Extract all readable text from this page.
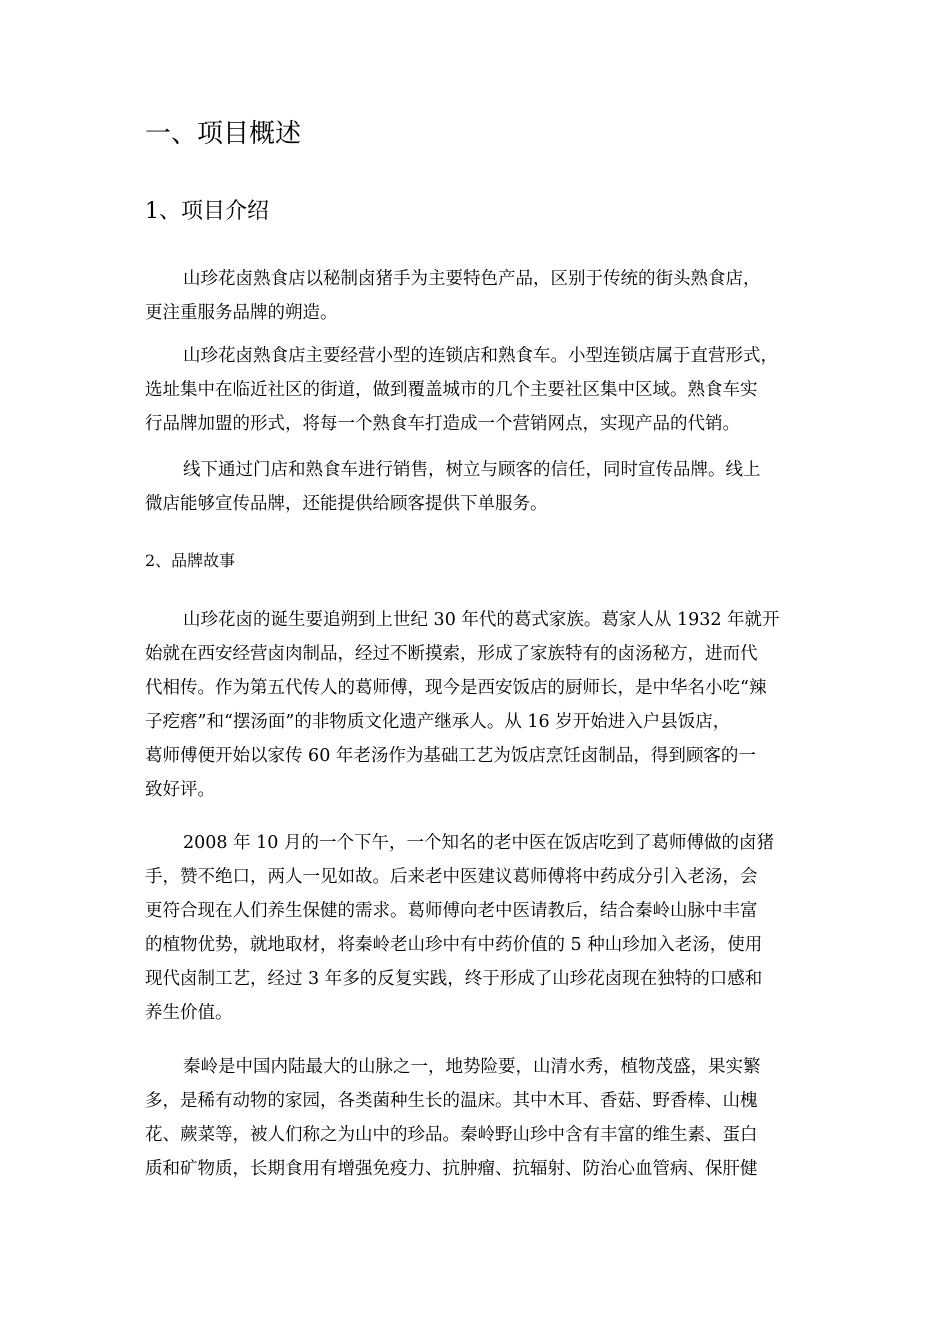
一、项目概述
1、项目介绍
山珍花卤熟食店以秘制卤猪手为主要特色产品，区别于传统的街头熟食店，
更注重服务品牌的朔造。
山珍花卤熟食店主要经营小型的连锁店和熟食车。小型连锁店属于直营形式，
选址集中在临近社区的街道，做到覆盖城市的几个主要社区集中区域。熟食车实
行品牌加盟的形式，将每一个熟食车打造成一个营销网点，实现产品的代销。
线下通过门店和熟食车进行销售，树立与顾客的信任，同时宣传品牌。线上
微店能够宣传品牌，还能提供给顾客提供下单服务。
2、品牌故事
山珍花卤的诞生要追朔到上世纪 30 年代的葛式家族。葛家人从 1932 年就开
始就在西安经营卤肉制品，经过不断摸索，形成了家族特有的卤汤秘方，进而代
代相传。作为第五代传人的葛师傅，现今是西安饭店的厨师长，是中华名小吃“辣
子疙瘩”和“摆汤面”的非物质文化遗产继承人。从 16 岁开始进入户县饭店，
葛师傅便开始以家传 60 年老汤作为基础工艺为饭店烹饪卤制品，得到顾客的一
致好评。
2008 年 10 月的一个下午，一个知名的老中医在饭店吃到了葛师傅做的卤猪
手，赞不绝口，两人一见如故。后来老中医建议葛师傅将中药成分引入老汤，会
更符合现在人们养生保健的需求。葛师傅向老中医请教后，结合秦岭山脉中丰富
的植物优势，就地取材，将秦岭老山珍中有中药价值的 5 种山珍加入老汤，使用
现代卤制工艺，经过 3 年多的反复实践，终于形成了山珍花卤现在独特的口感和
养生价值。
秦岭是中国内陆最大的山脉之一，地势险要，山清水秀，植物茂盛，果实繁
多，是稀有动物的家园，各类菌种生长的温床。其中木耳、香菇、野香棒、山槐
花、蕨菜等，被人们称之为山中的珍品。秦岭野山珍中含有丰富的维生素、蛋白
质和矿物质，长期食用有增强免疫力、抗肿瘤、抗辐射、防治心血管病、保肝健
